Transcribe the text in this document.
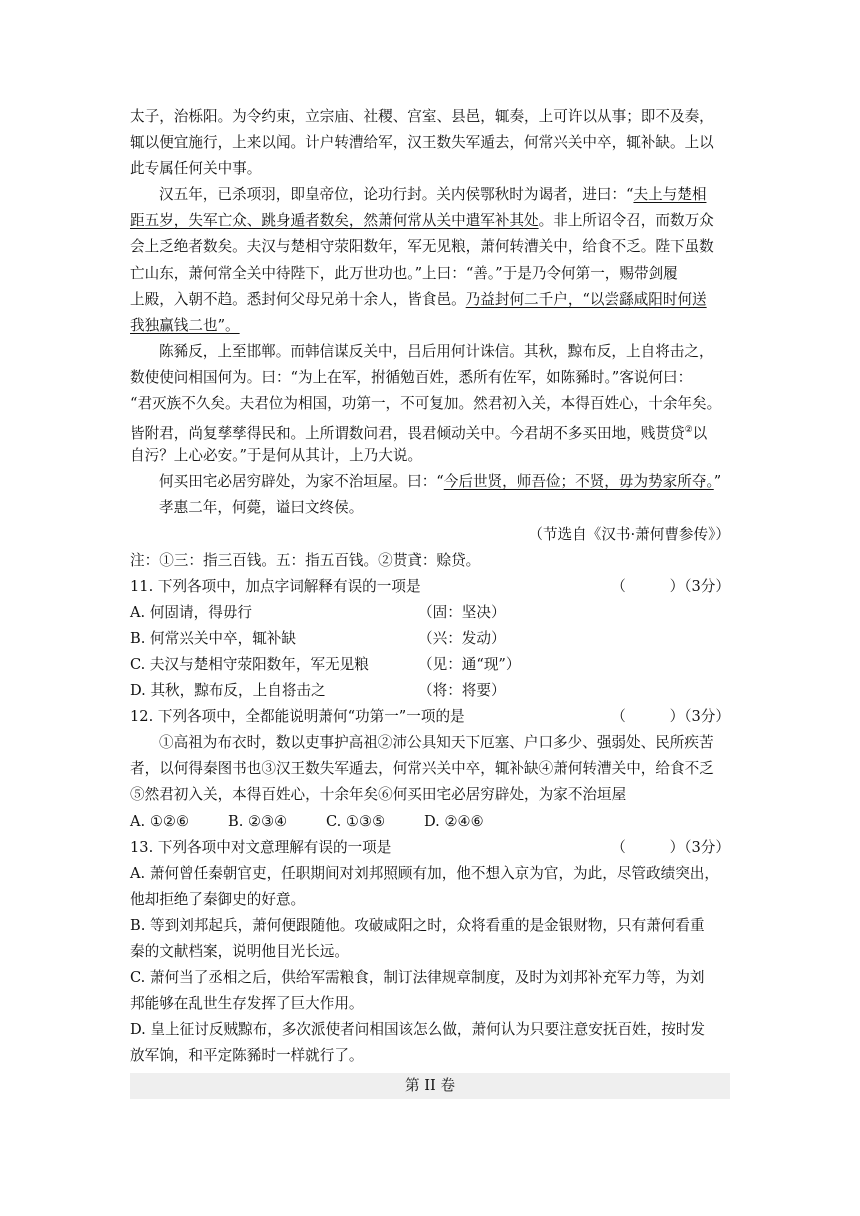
太子，治栎阳。为令约束，立宗庙、社稷、宫室、县邑，辄奏，上可许以从事；即不及奏，
辄以便宜施行，上来以闻。计户转漕给军，汉王数失军遁去，何常兴关中卒，辄补缺。上以
此专属任何关中事。
汉五年，已杀项羽，即皇帝位，论功行封。关内侯鄂秋时为谒者，进曰：“夫上与楚相
距五岁，失军亡众、跳身遁者数矣，然萧何常从关中遣军补其处。非上所诏令召，而数万众
会上乏绝者数矣。夫汉与楚相守荥阳数年，军无见粮，萧何转漕关中，给食不乏。陛下虽数
亡山东，萧何常全关中待陛下，此万世功也。”上曰：“善。”于是乃令何第一，赐带剑履
上殿，入朝不趋。悉封何父母兄弟十余人，皆食邑。乃益封何二千户，“以尝繇咸阳时何送
我独赢钱二也”。
陈豨反，上至邯郸。而韩信谋反关中，吕后用何计诛信。其秋，黥布反，上自将击之，
数使使问相国何为。曰：“为上在军，拊循勉百姓，悉所有佐军，如陈豨时。”客说何曰：
“君灭族不久矣。夫君位为相国，功第一，不可复加。然君初入关，本得百姓心，十余年矣。
皆附君，尚复孳孳得民和。上所谓数问君，畏君倾动关中。今君胡不多买田地，贱贳贷②以
自污？上心必安。”于是何从其计，上乃大说。
何买田宅必居穷辟处，为家不治垣屋。曰：“今后世贤，师吾俭；不贤，毋为势家所夺。”
孝惠二年，何薨，谥曰文终侯。
（节选自《汉书·萧何曹参传》）
注：①三：指三百钱。五：指五百钱。②贳貣：赊贷。
11. 下列各项中，加点字词解释有误的一项是	（　　　）（3分）
A. 何固请，得毋行	（固：坚决）
B. 何常兴关中卒，辄补缺	（兴：发动）
C. 夫汉与楚相守荥阳数年，军无见粮	（见：通“现”）
D. 其秋，黥布反，上自将击之	（将：将要）
12. 下列各项中，全都能说明萧何“功第一”一项的是	（　　　）（3分）
①高祖为布衣时，数以吏事护高祖②沛公具知天下厄塞、户口多少、强弱处、民所疾苦
者，以何得秦图书也③汉王数失军遁去，何常兴关中卒，辄补缺④萧何转漕关中，给食不乏
⑤然君初入关，本得百姓心，十余年矣⑥何买田宅必居穷辟处，为家不治垣屋
A. ①②⑥	B. ②③④	C. ①③⑤	D. ②④⑥
13. 下列各项中对文意理解有误的一项是	（　　　）（3分）
A. 萧何曾任秦朝官吏，任职期间对刘邦照顾有加，他不想入京为官，为此，尽管政绩突出，
他却拒绝了秦御史的好意。
B. 等到刘邦起兵，萧何便跟随他。攻破咸阳之时，众将看重的是金银财物，只有萧何看重
秦的文献档案，说明他目光长远。
C. 萧何当了丞相之后，供给军需粮食，制订法律规章制度，及时为刘邦补充军力等，为刘
邦能够在乱世生存发挥了巨大作用。
D. 皇上征讨反贼黥布，多次派使者问相国该怎么做，萧何认为只要注意安抚百姓，按时发
放军饷，和平定陈豨时一样就行了。
第 II 卷
